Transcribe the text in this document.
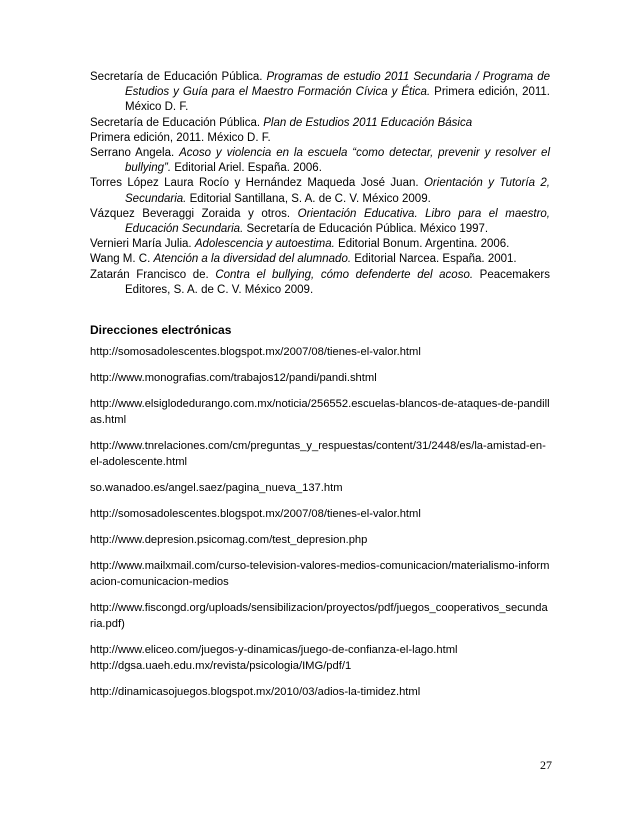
Secretaría de Educación Pública. Programas de estudio 2011 Secundaria / Programa de Estudios y Guía para el Maestro Formación Cívica y Ética. Primera edición, 2011. México D. F.

Secretaría de Educación Pública. Plan de Estudios 2011 Educación Básica

Primera edición, 2011. México D. F.

Serrano Angela. Acoso y violencia en la escuela “como detectar, prevenir y resolver el bullying”. Editorial Ariel. España. 2006.

Torres López Laura Rocío y Hernández Maqueda José Juan. Orientación y Tutoría 2, Secundaria. Editorial Santillana, S. A. de C. V. México 2009.

Vázquez Beveraggi Zoraida y otros. Orientación Educativa. Libro para el maestro, Educación Secundaria. Secretaría de Educación Pública. México 1997.

Vernieri María Julia. Adolescencia y autoestima. Editorial Bonum. Argentina. 2006.

Wang M. C. Atención a la diversidad del alumnado. Editorial Narcea. España. 2001.

Zatarán Francisco de. Contra el bullying, cómo defenderte del acoso. Peacemakers Editores, S. A. de C. V. México 2009.

Direcciones electrónicas

http://somosadolescentes.blogspot.mx/2007/08/tienes-el-valor.html

http://www.monografias.com/trabajos12/pandi/pandi.shtml

http://www.elsiglodedurango.com.mx/noticia/256552.escuelas-blancos-de-ataques-de-pandillas.html

http://www.tnrelaciones.com/cm/preguntas_y_respuestas/content/31/2448/es/la-amistad-en-el-adolescente.html

so.wanadoo.es/angel.saez/pagina_nueva_137.htm

http://somosadolescentes.blogspot.mx/2007/08/tienes-el-valor.html

http://www.depresion.psicomag.com/test_depresion.php

http://www.mailxmail.com/curso-television-valores-medios-comunicacion/materialismo-informacion-comunicacion-medios

http://www.fiscongd.org/uploads/sensibilizacion/proyectos/pdf/juegos_cooperativos_secundaria.pdf)

http://www.eliceo.com/juegos-y-dinamicas/juego-de-confianza-el-lago.html

http://dgsa.uaeh.edu.mx/revista/psicologia/IMG/pdf/1

http://dinamicasojuegos.blogspot.mx/2010/03/adios-la-timidez.html

27
